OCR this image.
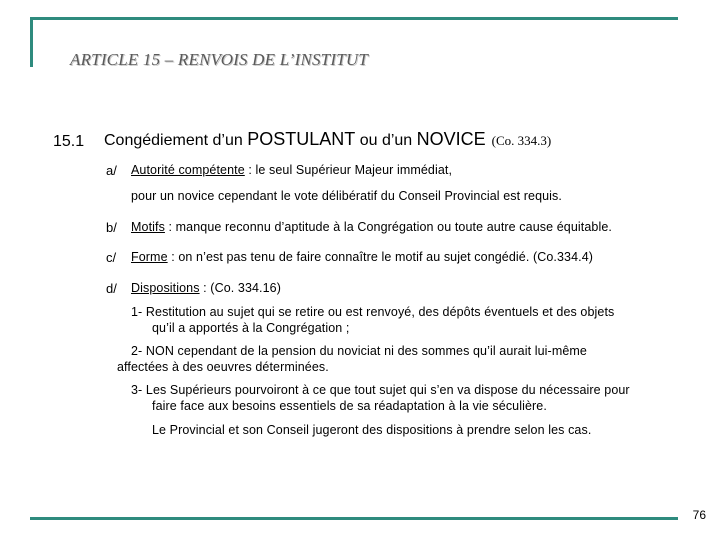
ARTICLE 15 – RENVOIS DE L’INSTITUT
15.1 Congédiement d’un POSTULANT ou d’un NOVICE (Co. 334.3)
a/ Autorité compétente : le seul Supérieur Majeur immédiat,
pour un novice cependant le vote délibératif du Conseil Provincial est requis.
b/ Motifs : manque reconnu d’aptitude à la Congrégation ou toute autre cause équitable.
c/ Forme : on n’est pas tenu de faire connaître le motif au sujet congédié. (Co.334.4)
d/ Dispositions : (Co. 334.16)
1- Restitution au sujet qui se retire ou est renvoyé, des dépôts éventuels et des objets
qu’il a apportés à la Congrégation ;
2- NON cependant de la pension du noviciat ni des sommes qu’il aurait lui-même
affectées à des oeuvres déterminées.
3- Les Supérieurs pourvoiront à ce que tout sujet qui s’en va dispose du nécessaire pour
faire face aux besoins essentiels de sa réadaptation à la vie séculière.
Le Provincial et son Conseil jugeront des dispositions à prendre selon les cas.
76
